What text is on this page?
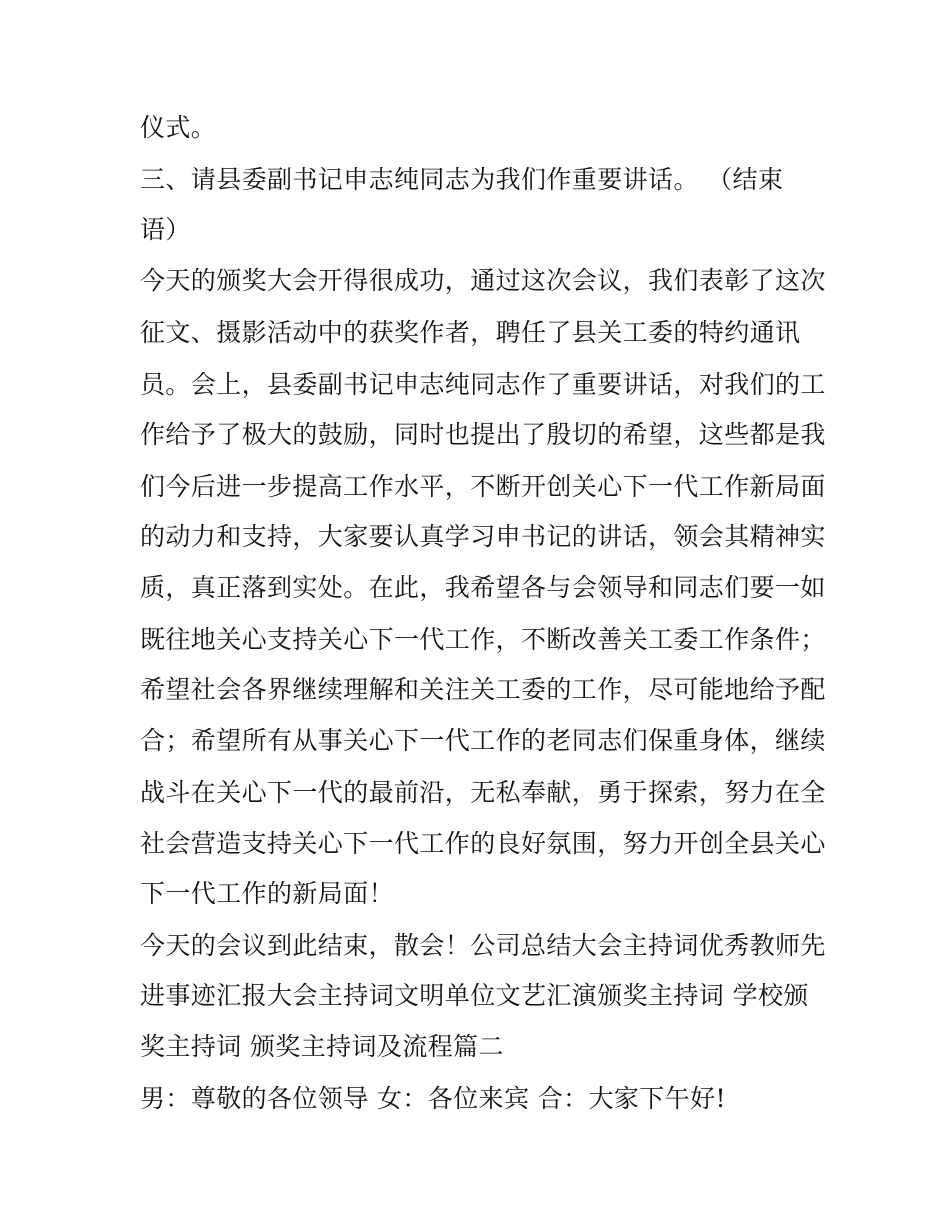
仪式。

三、请县委副书记申志纯同志为我们作重要讲话。 （结束

语）

今天的颁奖大会开得很成功，通过这次会议，我们表彰了这次

征文、摄影活动中的获奖作者，聘任了县关工委的特约通讯

员。会上，县委副书记申志纯同志作了重要讲话，对我们的工

作给予了极大的鼓励，同时也提出了殷切的希望，这些都是我

们今后进一步提高工作水平，不断开创关心下一代工作新局面

的动力和支持，大家要认真学习申书记的讲话，领会其精神实

质，真正落到实处。在此，我希望各与会领导和同志们要一如

既往地关心支持关心下一代工作，不断改善关工委工作条件；

希望社会各界继续理解和关注关工委的工作，尽可能地给予配

合；希望所有从事关心下一代工作的老同志们保重身体，继续

战斗在关心下一代的最前沿，无私奉献，勇于探索，努力在全

社会营造支持关心下一代工作的良好氛围，努力开创全县关心

下一代工作的新局面！

今天的会议到此结束，散会！公司总结大会主持词优秀教师先

进事迹汇报大会主持词文明单位文艺汇演颁奖主持词 学校颁

奖主持词 颁奖主持词及流程篇二

男：尊敬的各位领导 女：各位来宾 合：大家下午好!
